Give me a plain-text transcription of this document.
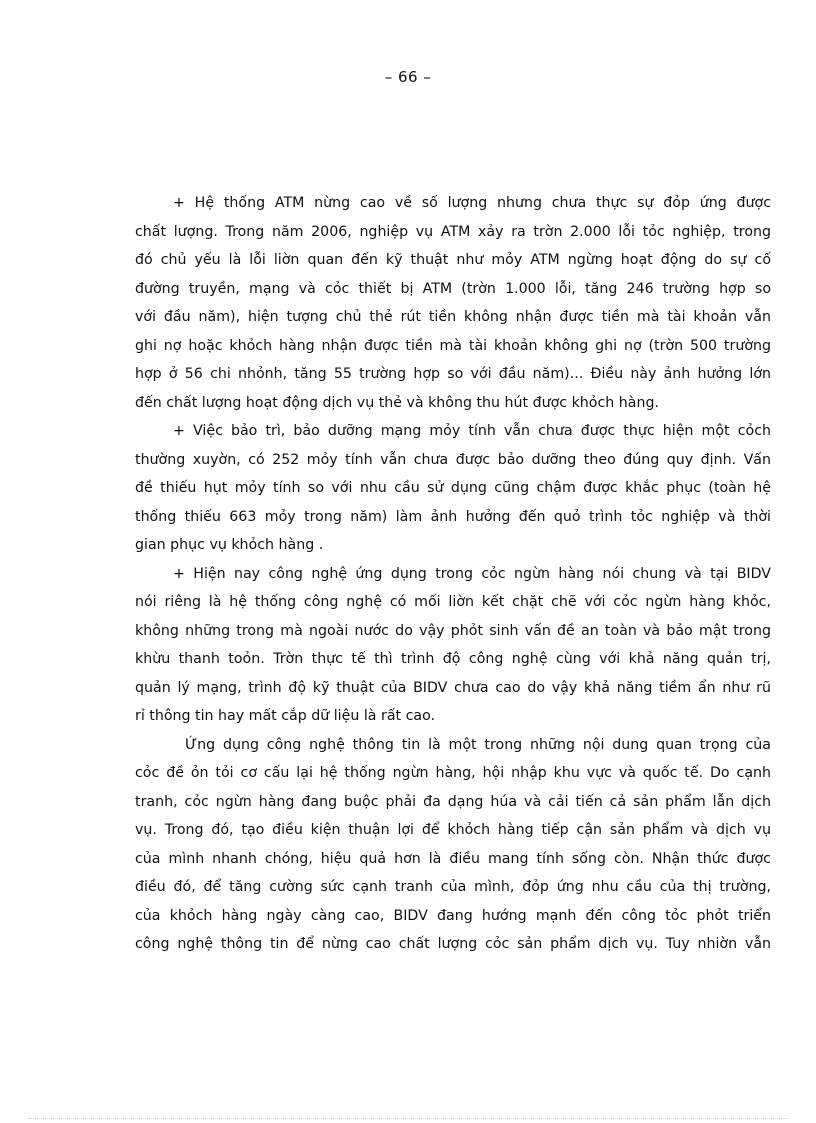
– 66 –
+ Hệ thống ATM nừng cao về số lượng nhưng chưa thực sự đỏp ứng được
chất lượng. Trong năm 2006, nghiệp vụ ATM xảy ra trờn 2.000 lỗi tỏc nghiệp, trong
đó chủ yếu là lỗi liờn quan đến kỹ thuật như mỏy ATM ngừng hoạt động do sự cố
đường truyền, mạng và cỏc thiết bị ATM (trờn 1.000 lỗi, tăng 246 trường hợp so
với đầu năm), hiện tượng chủ thẻ rút tiền không nhận được tiền mà tài khoản vẫn
ghi nợ hoặc khỏch hàng nhận được tiền mà tài khoản không ghi nợ (trờn 500 trường
hợp ở 56 chi nhỏnh, tăng 55 trường hợp so với đầu năm)... Điều này ảnh hưởng lớn
đến chất lượng hoạt động dịch vụ thẻ và không thu hút được khỏch hàng.
+ Việc bảo trì, bảo dưỡng mạng mỏy tính vẫn chưa được thực hiện một cỏch
thường xuyờn, có 252 mỏy tính vẫn chưa được bảo dưỡng theo đúng quy định. Vấn
đề thiếu hụt mỏy tính so với nhu cầu sử dụng cũng chậm được khắc phục (toàn hệ
thống thiếu 663 mỏy trong năm) làm ảnh hưởng đến quỏ trình tỏc nghiệp và thời
gian phục vụ khỏch hàng .
+ Hiện nay công nghệ ứng dụng trong cỏc ngừn hàng nói chung và tại BIDV
nói riêng là hệ thống công nghệ có mối liờn kết chặt chẽ với cỏc ngừn hàng khỏc,
không những trong mà ngoài nước do vậy phỏt sinh vấn đề an toàn và bảo mật trong
khừu thanh toỏn. Trờn thực tế thì trình độ công nghệ cùng với khả năng quản trị,
quản lý mạng, trình độ kỹ thuật của BIDV chưa cao do vậy khả năng tiềm ẩn như rũ
rỉ thông tin hay mất cắp dữ liệu là rất cao.
Ứng dụng công nghệ thông tin là một trong những nội dung quan trọng của
cỏc đề ỏn tỏi cơ cấu lại hệ thống ngừn hàng, hội nhập khu vực và quốc tế. Do cạnh
tranh, cỏc ngừn hàng đang buộc phải đa dạng húa và cải tiến cả sản phẩm lẫn dịch
vụ. Trong đó, tạo điều kiện thuận lợi để khỏch hàng tiếp cận sản phẩm và dịch vụ
của mình nhanh chóng, hiệu quả hơn là điều mang tính sống còn. Nhận thức được
điều đó, để tăng cường sức cạnh tranh của mình, đỏp ứng nhu cầu của thị trường,
của khỏch hàng ngày càng cao, BIDV đang hướng mạnh đến công tỏc phỏt triển
công nghệ thông tin để nừng cao chất lượng cỏc sản phẩm dịch vụ. Tuy nhiờn vẫn
